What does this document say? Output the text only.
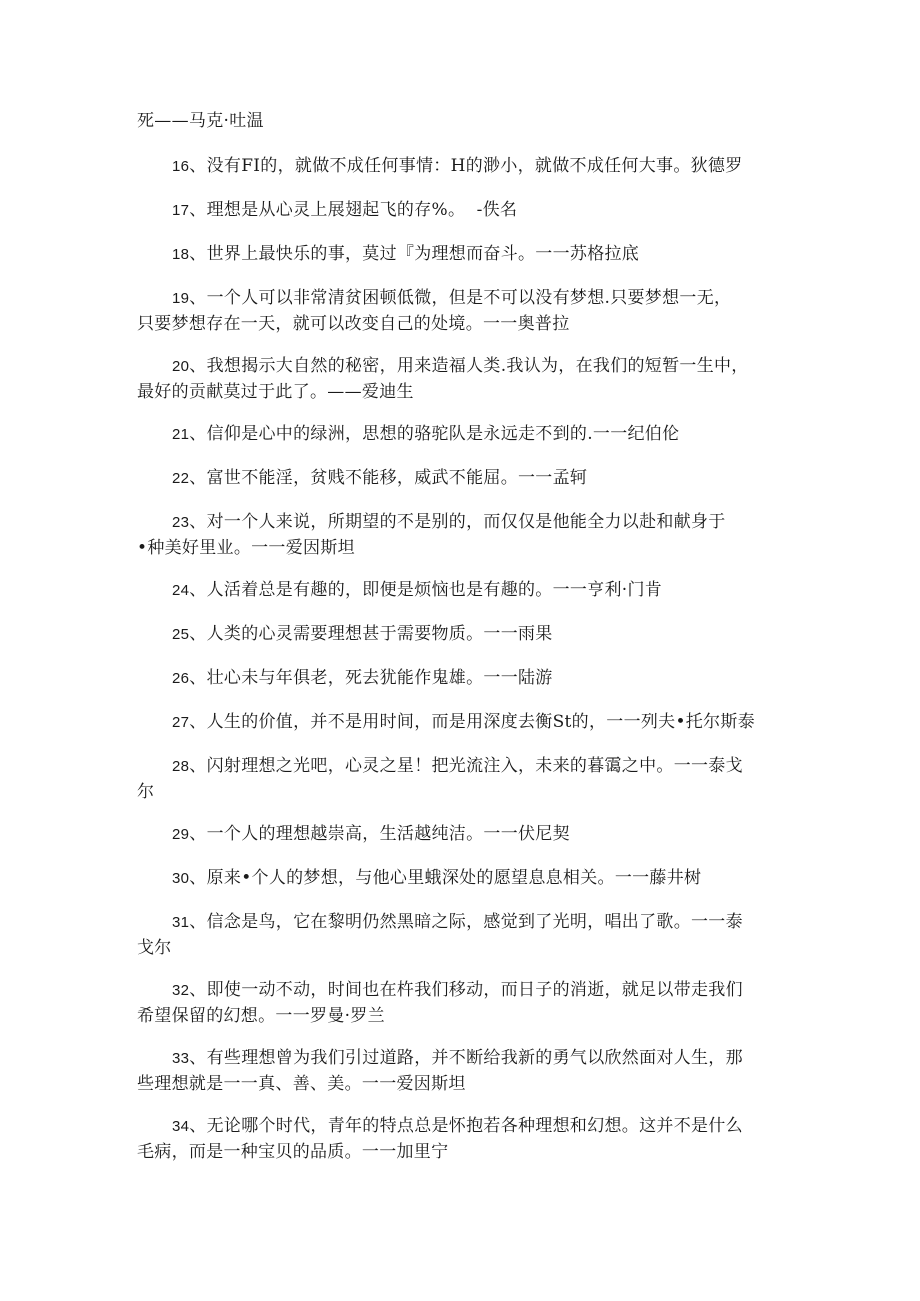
死——马克·吐温
16、没有FI的，就做不成任何事情：H的渺小，就做不成任何大事。狄德罗
17、理想是从心灵上展翅起飞的存%。  -佚名
18、世界上最快乐的事，莫过『为理想而奋斗。一一苏格拉底
19、一个人可以非常清贫困顿低微，但是不可以没有梦想.只要梦想一无，
只要梦想存在一天，就可以改变自己的处境。一一奥普拉
20、我想揭示大自然的秘密，用来造福人类.我认为，在我们的短暂一生中，
最好的贡献莫过于此了。——爱迪生
21、信仰是心中的绿洲，思想的骆驼队是永远走不到的.一一纪伯伦
22、富世不能淫，贫贱不能移，威武不能屈。一一孟轲
23、对一个人来说，所期望的不是别的，而仅仅是他能全力以赴和献身于
•种美好里业。一一爱因斯坦
24、人活着总是有趣的，即便是烦恼也是有趣的。一一亨利·门肯
25、人类的心灵需要理想甚于需要物质。一一雨果
26、壮心未与年俱老，死去犹能作鬼雄。一一陆游
27、人生的价值，并不是用时间，而是用深度去衡St的，一一列夫•托尔斯泰
28、闪射理想之光吧，心灵之星！把光流注入，未来的暮霭之中。一一泰戈
尔
29、一个人的理想越崇高，生活越纯洁。一一伏尼契
30、原来•个人的梦想，与他心里蛾深处的愿望息息相关。一一藤井树
31、信念是鸟，它在黎明仍然黑暗之际，感觉到了光明，唱出了歌。一一泰
戈尔
32、即使一动不动，时间也在杵我们移动，而日子的消逝，就足以带走我们
希望保留的幻想。一一罗曼·罗兰
33、有些理想曾为我们引过道路，并不断给我新的勇气以欣然面对人生，那
些理想就是一一真、善、美。一一爱因斯坦
34、无论哪个时代，青年的特点总是怀抱若各种理想和幻想。这并不是什么
毛病，而是一种宝贝的品质。一一加里宁
